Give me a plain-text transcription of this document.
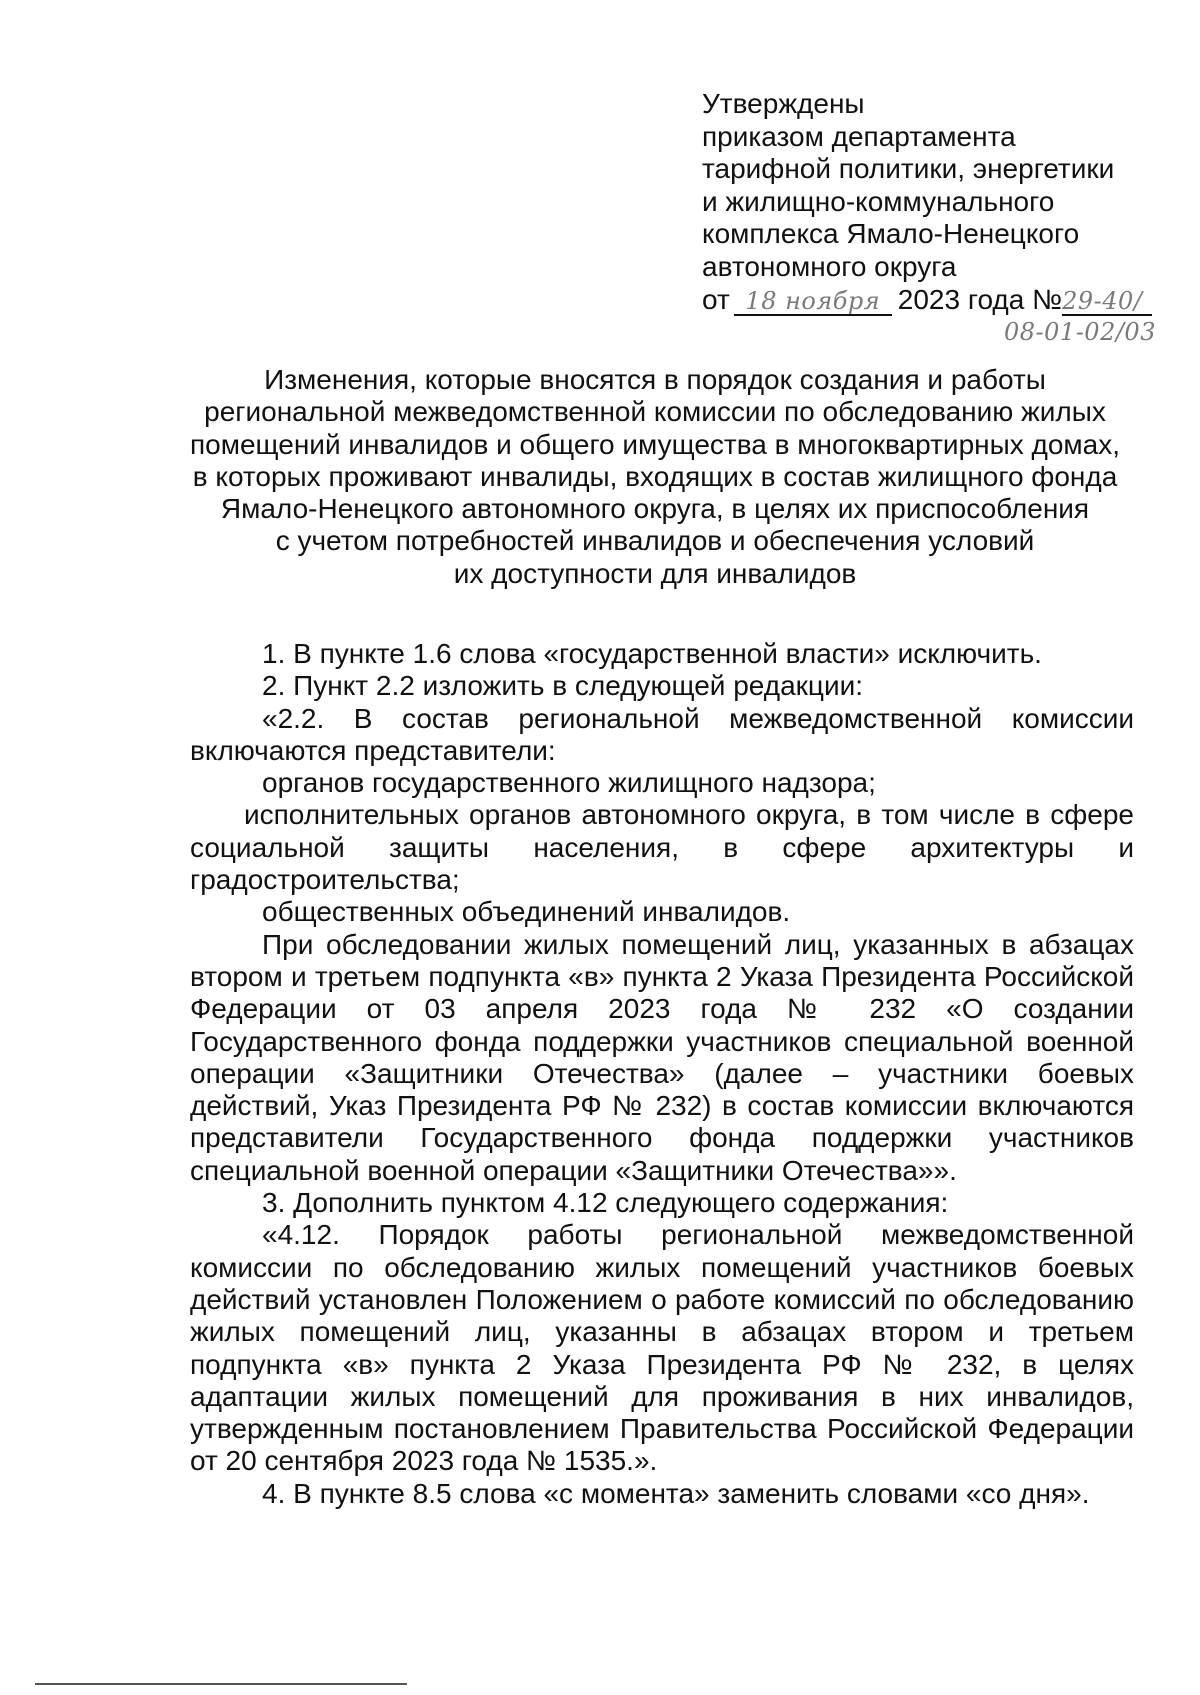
Утверждены
приказом департамента
тарифной политики, энергетики
и жилищно-коммунального
комплекса Ямало-Ненецкого
автономного округа
от 18 ноября 2023 года №29-40/
08-01-02/03
Изменения, которые вносятся в порядок создания и работы
региональной межведомственной комиссии по обследованию жилых
помещений инвалидов и общего имущества в многоквартирных домах,
в которых проживают инвалиды, входящих в состав жилищного фонда
Ямало-Ненецкого автономного округа, в целях их приспособления
с учетом потребностей инвалидов и обеспечения условий
их доступности для инвалидов

1. В пункте 1.6 слова «государственной власти» исключить.

2. Пункт 2.2 изложить в следующей редакции:

«2.2. В состав региональной межведомственной комиссии включаются представители:

органов государственного жилищного надзора;

исполнительных органов автономного округа, в том числе в сфере социальной защиты населения, в сфере архитектуры и градостроительства;

общественных объединений инвалидов.

При обследовании жилых помещений лиц, указанных в абзацах втором и третьем подпункта «в» пункта 2 Указа Президента Российской Федерации от 03 апреля 2023 года № 232 «О создании Государственного фонда поддержки участников специальной военной операции «Защитники Отечества» (далее – участники боевых действий, Указ Президента РФ № 232) в состав комиссии включаются представители Государственного фонда поддержки участников специальной военной операции «Защитники Отечества»».

3. Дополнить пунктом 4.12 следующего содержания:

«4.12. Порядок работы региональной межведомственной комиссии по обследованию жилых помещений участников боевых действий установлен Положением о работе комиссий по обследованию жилых помещений лиц, указанны в абзацах втором и третьем подпункта «в» пункта 2 Указа Президента РФ № 232, в целях адаптации жилых помещений для проживания в них инвалидов, утвержденным постановлением Правительства Российской Федерации от 20 сентября 2023 года № 1535.».

4. В пункте 8.5 слова «с момента» заменить словами «со дня».
